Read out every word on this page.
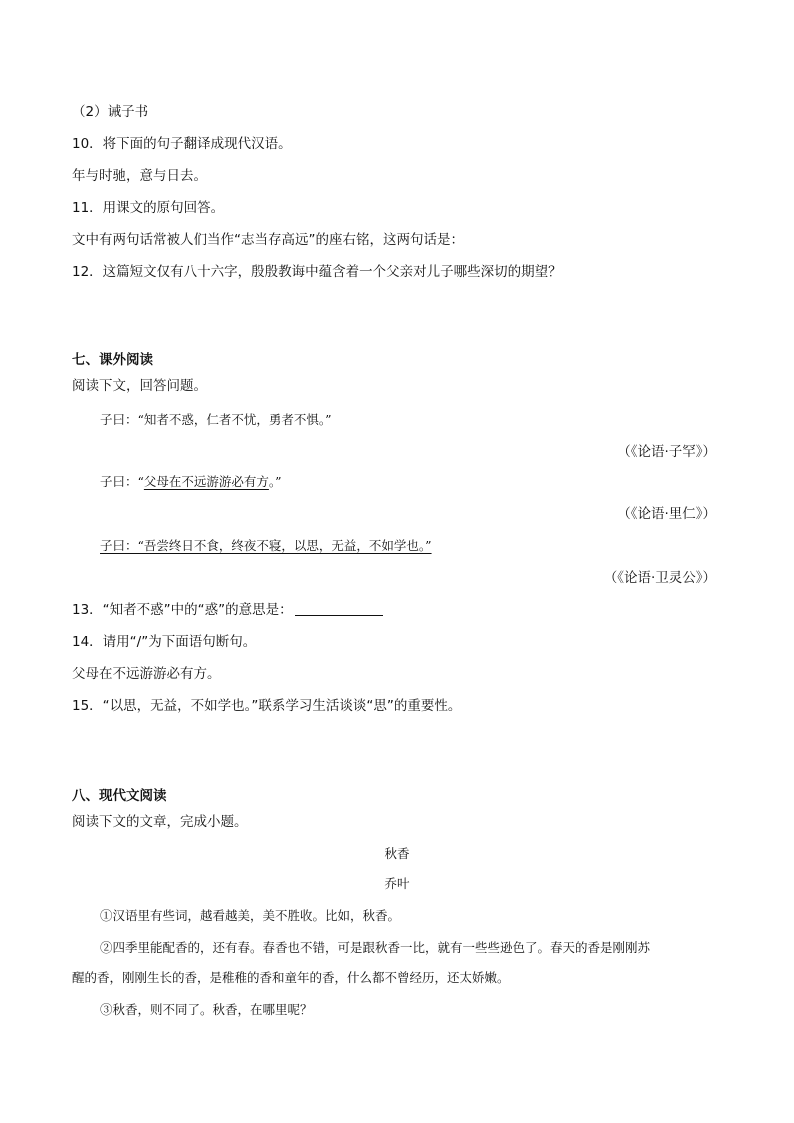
（2）诫子书
10．将下面的句子翻译成现代汉语。
年与时驰，意与日去。
11．用课文的原句回答。
文中有两句话常被人们当作“志当存高远”的座右铭，这两句话是：
12．这篇短文仅有八十六字，殷殷教诲中蕴含着一个父亲对儿子哪些深切的期望？
七、课外阅读
阅读下文，回答问题。
子曰：“知者不惑，仁者不忧，勇者不惧。”
（《论语·子罕》）
子曰：“父母在不远游游必有方。”
（《论语·里仁》）
子曰：“吾尝终日不食，终夜不寝，以思，无益，不如学也。”
（《论语·卫灵公》）
13．“知者不惑”中的“惑”的意思是：
14．请用“/”为下面语句断句。
父母在不远游游必有方。
15．“以思，无益，不如学也。”联系学习生活谈谈“思”的重要性。
八、现代文阅读
阅读下文的文章，完成小题。
秋香
乔叶
①汉语里有些词，越看越美，美不胜收。比如，秋香。
②四季里能配香的，还有春。春香也不错，可是跟秋香一比，就有一些些逊色了。春天的香是刚刚苏
醒的香，刚刚生长的香，是稚稚的香和童年的香，什么都不曾经历，还太娇嫩。
③秋香，则不同了。秋香，在哪里呢？
